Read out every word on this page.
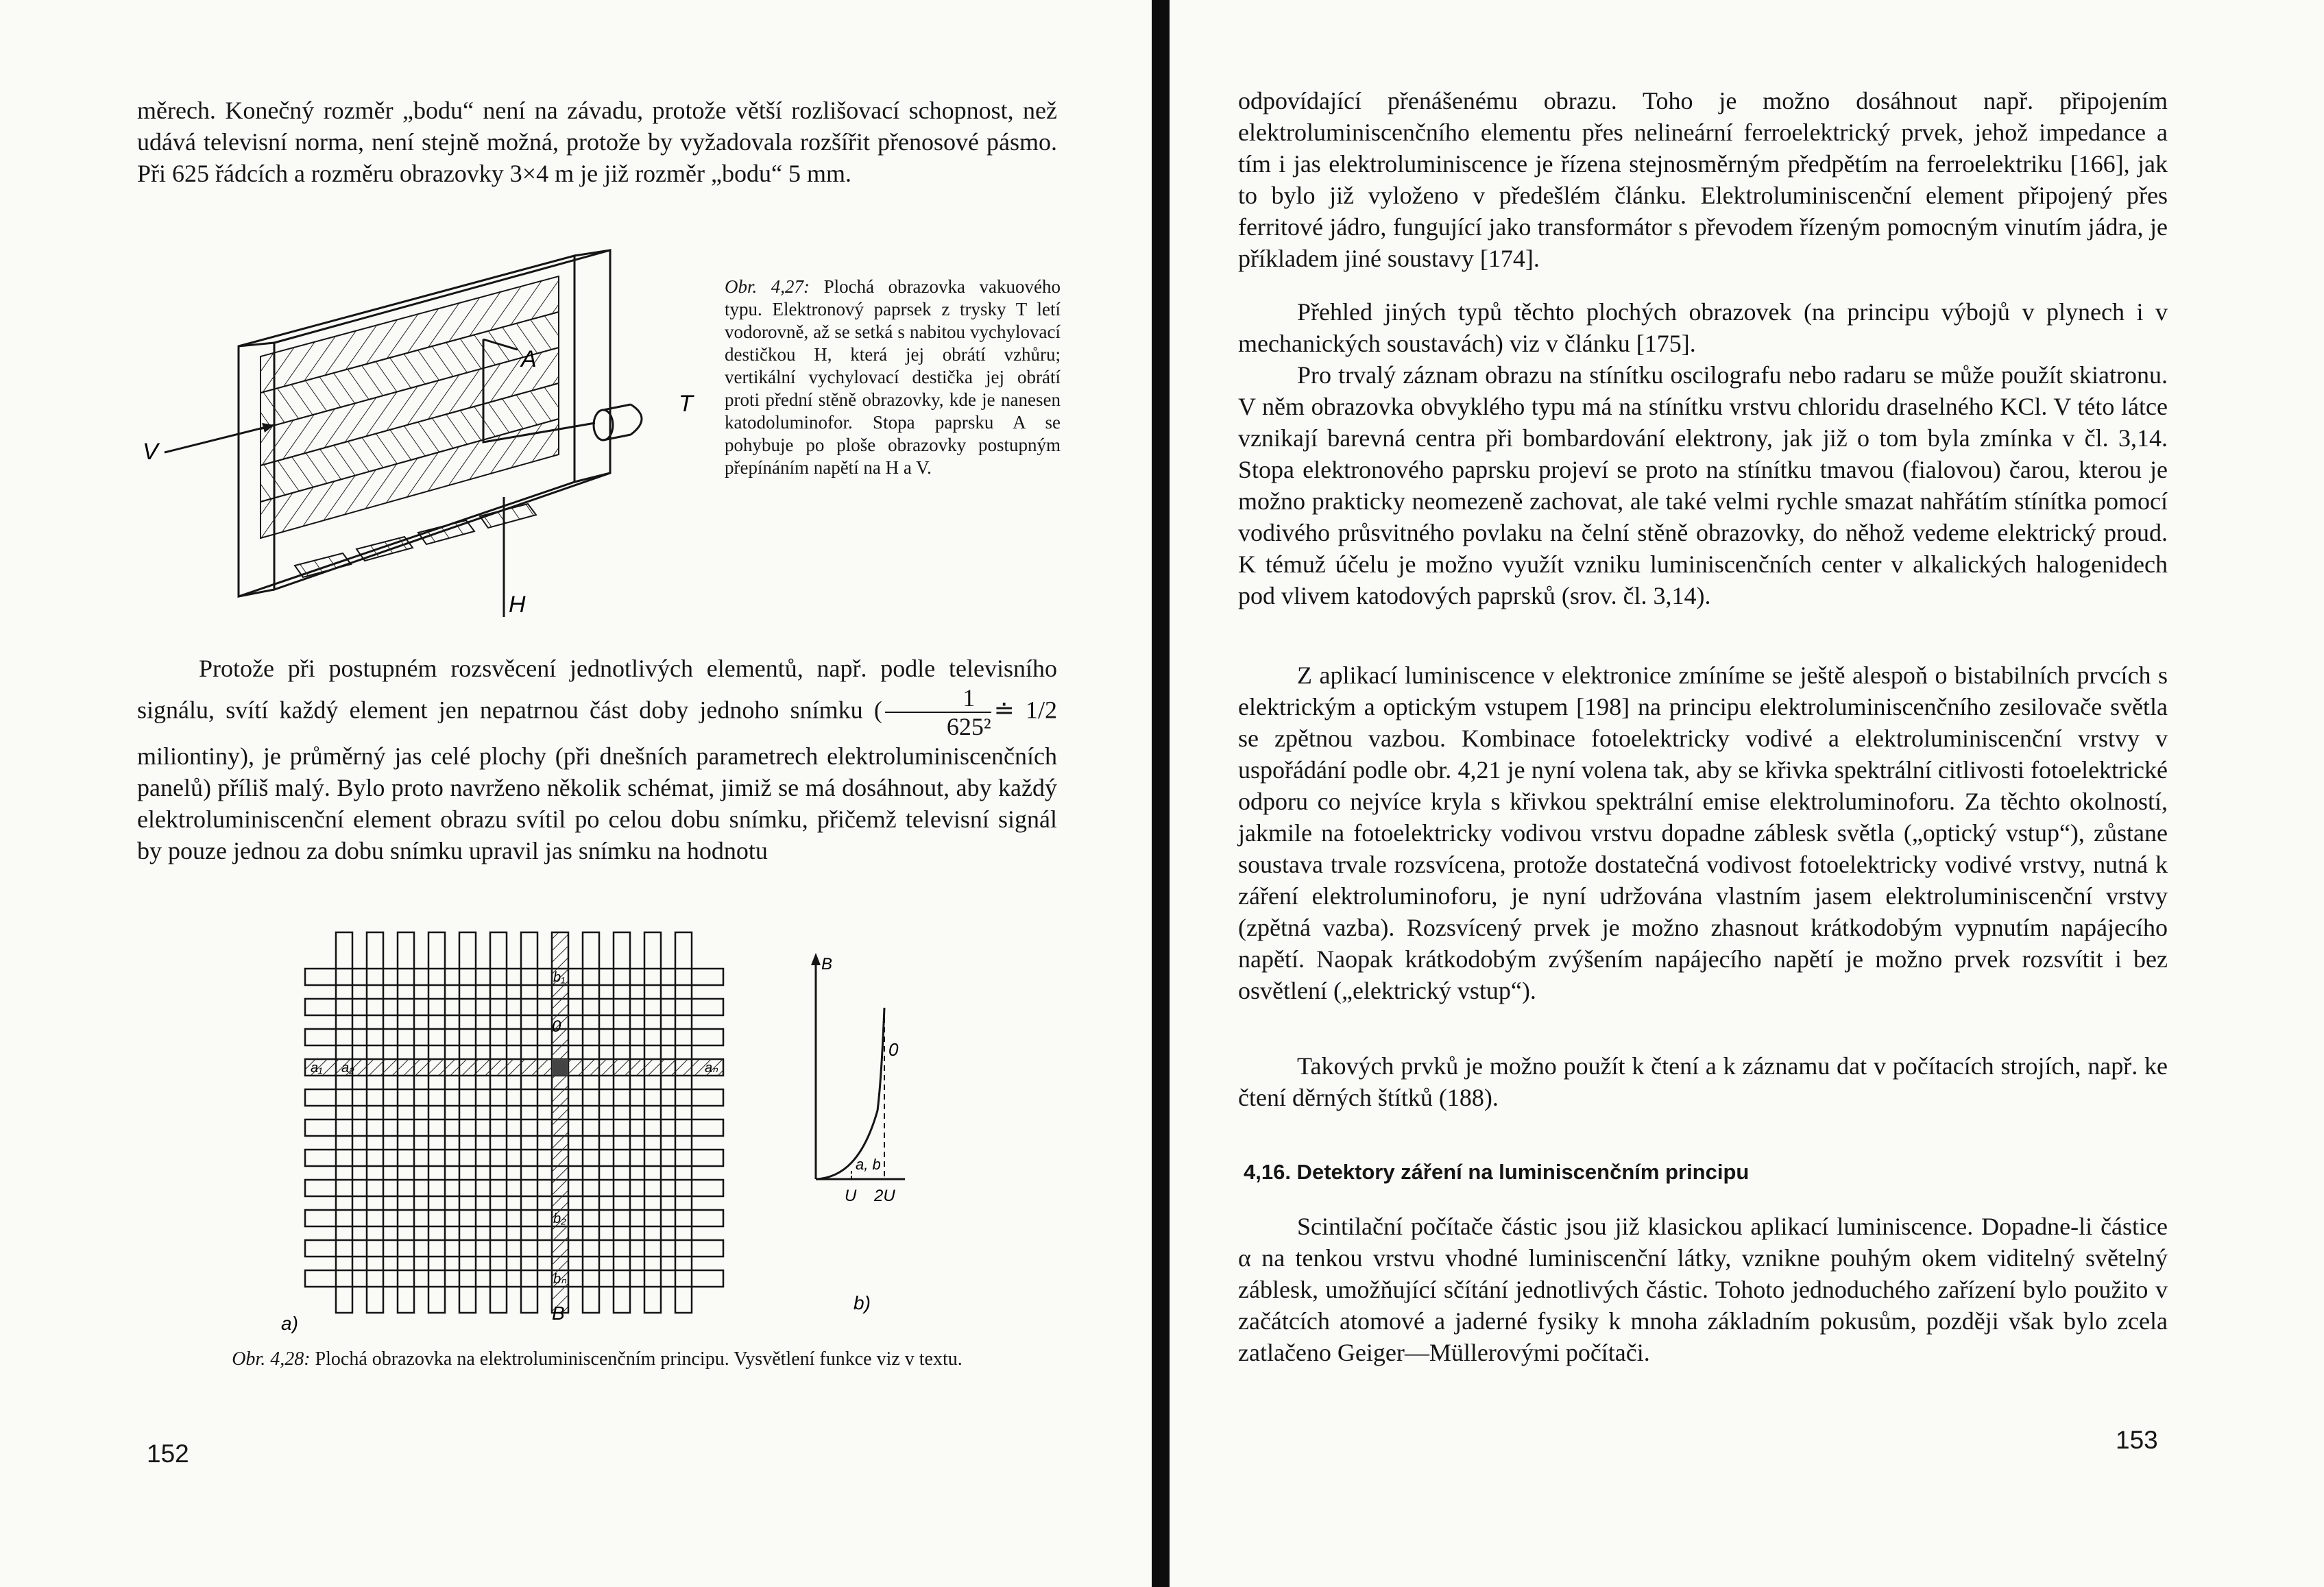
měrech. Konečný rozměr „bodu“ není na závadu, protože větší rozlišovací schopnost, než udává televisní norma, není stejně možná, protože by vyžadovala rozšířit přenosové pásmo. Při 625 řádcích a rozměru obrazovky 3×4 m je již rozměr „bodu“ 5 mm.

V
T
A
H
Obr. 4,27: Plochá obrazovka vakuového typu. Elektronový paprsek z trysky T letí vodorovně, až se setká s nabitou vychylovací destičkou H, která jej obrátí vzhůru; vertikální vychylovací destička jej obrátí proti přední stěně obrazovky, kde je nanesen katodoluminofor. Stopa paprsku A se pohybuje po ploše obrazovky postupným přepínáním napětí na H a V.

Protože při postupném rozsvěcení jednotlivých elementů, např. podle televisního signálu, svítí každý element jen nepatrnou část doby jednoho snímku ( $\frac{1}{\text{625²}}$ ≐ 1/2 miliontiny), je průměrný jas celé plochy (při dnešních parametrech elektroluminiscenčních panelů) příliš malý. Bylo proto navrženo několik schémat, jimiž se má dosáhnout, aby každý elektroluminiscenční element obrazu svítil po celou dobu snímku, přičemž televisní signál by pouze jednou za dobu snímku upravil jas snímku na hodnotu

0
a₁ a₂	aₙ
b₁
b₂
bₙ
a)	B
B
0
a, b
U 2U
b)
Obr. 4,28: Plochá obrazovka na elektroluminiscenčním principu. Vysvětlení funkce viz v textu.
152

odpovídající přenášenému obrazu. Toho je možno dosáhnout např. připojením elektroluminiscenčního elementu přes nelineární ferroelektrický prvek, jehož impedance a tím i jas elektroluminiscence je řízena stejnosměrným předpětím na ferroelektriku [166], jak to bylo již vyloženo v předešlém článku. Elektroluminiscenční element připojený přes ferritové jádro, fungující jako transformátor s převodem řízeným pomocným vinutím jádra, je příkladem jiné soustavy [174].

Přehled jiných typů těchto plochých obrazovek (na principu výbojů v plynech i v mechanických soustavách) viz v článku [175].

Pro trvalý záznam obrazu na stínítku oscilografu nebo radaru se může použít skiatronu. V něm obrazovka obvyklého typu má na stínítku vrstvu chloridu draselného KCl. V této látce vznikají barevná centra při bombardování elektrony, jak již o tom byla zmínka v čl. 3,14. Stopa elektronového paprsku projeví se proto na stínítku tmavou (fialovou) čarou, kterou je možno prakticky neomezeně zachovat, ale také velmi rychle smazat nahřátím stínítka pomocí vodivého průsvitného povlaku na čelní stěně obrazovky, do něhož vedeme elektrický proud. K témuž účelu je možno využít vzniku luminiscenčních center v alkalických halogenidech pod vlivem katodových paprsků (srov. čl. 3,14).

Z aplikací luminiscence v elektronice zmíníme se ještě alespoň o bistabilních prvcích s elektrickým a optickým vstupem [198] na principu elektroluminiscenčního zesilovače světla se zpětnou vazbou. Kombinace fotoelektricky vodivé a elektroluminiscenční vrstvy v uspořádání podle obr. 4,21 je nyní volena tak, aby se křivka spektrální citlivosti fotoelektrické odporu co nejvíce kryla s křivkou spektrální emise elektroluminoforu. Za těchto okolností, jakmile na fotoelektricky vodivou vrstvu dopadne záblesk světla („optický vstup“), zůstane soustava trvale rozsvícena, protože dostatečná vodivost fotoelektricky vodivé vrstvy, nutná k záření elektroluminoforu, je nyní udržována vlastním jasem elektroluminiscenční vrstvy (zpětná vazba). Rozsvícený prvek je možno zhasnout krátkodobým vypnutím napájecího napětí. Naopak krátkodobým zvýšením napájecího napětí je možno prvek rozsvítit i bez osvětlení („elektrický vstup“).

Takových prvků je možno použít k čtení a k záznamu dat v počítacích strojích, např. ke čtení děrných štítků (188).

4,16. Detektory záření na luminiscenčním principu

Scintilační počítače částic jsou již klasickou aplikací luminiscence. Dopadne-li částice α na tenkou vrstvu vhodné luminiscenční látky, vznikne pouhým okem viditelný světelný záblesk, umožňující sčítání jednotlivých částic. Tohoto jednoduchého zařízení bylo použito v začátcích atomové a jaderné fysiky k mnoha základním pokusům, později však bylo zcela zatlačeno Geiger—Müllerovými počítači.

153
